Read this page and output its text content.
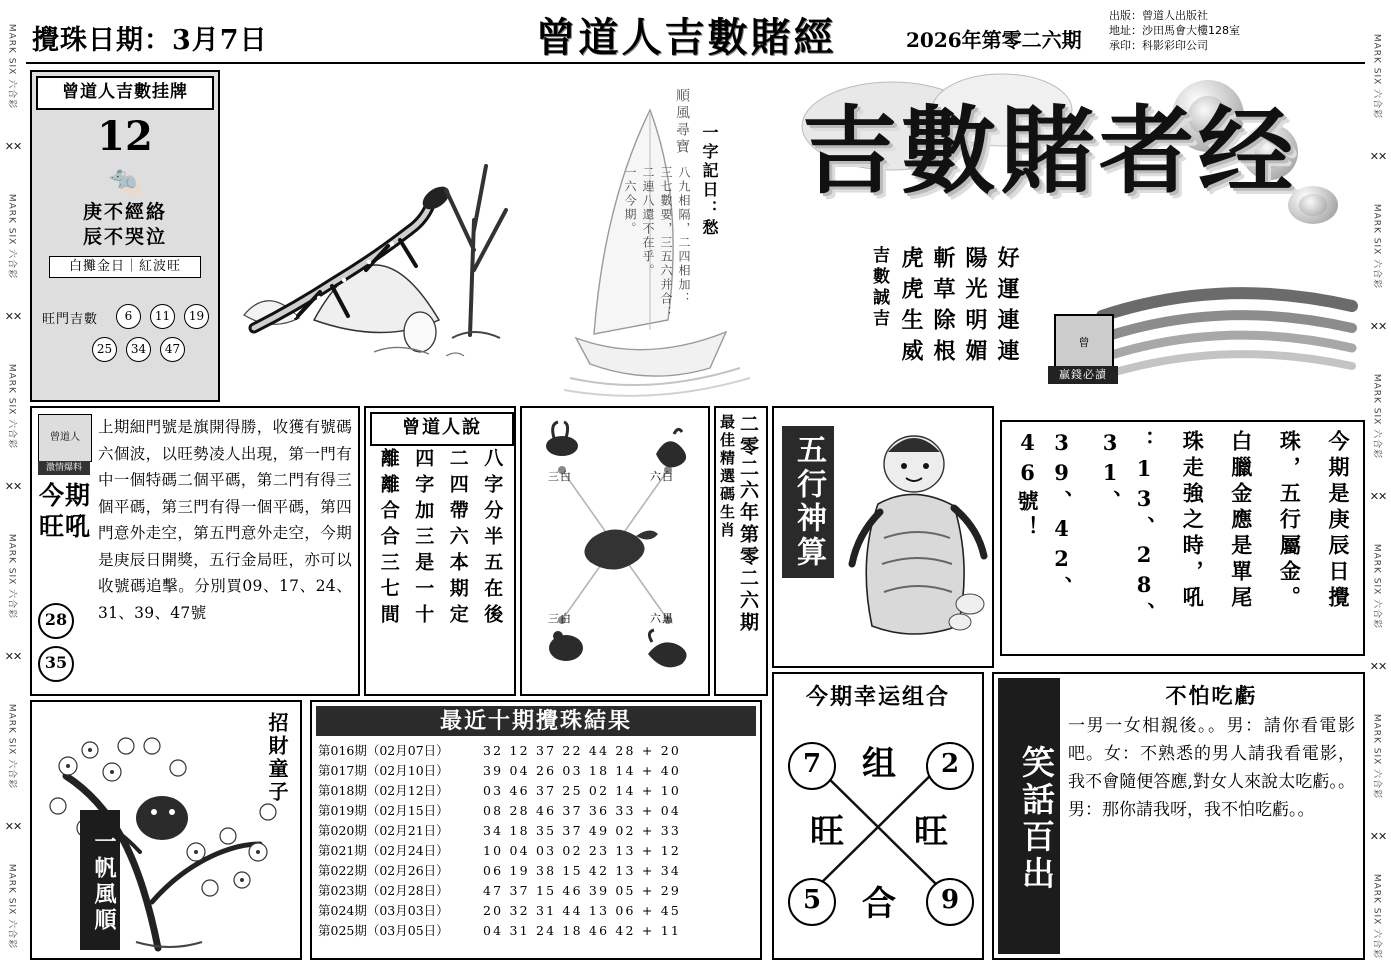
MARK SIX 六合彩
✕✕
MARK SIX 六合彩
✕✕
MARK SIX 六合彩
✕✕
MARK SIX 六合彩
✕✕
MARK SIX 六合彩
✕✕
MARK SIX 六合彩
MARK SIX 六合彩
✕✕
MARK SIX 六合彩
✕✕
MARK SIX 六合彩
✕✕
MARK SIX 六合彩
✕✕
MARK SIX 六合彩
✕✕
MARK SIX 六合彩
攪珠日期：3月7日	曾道人吉數賭經	2026年第零二六期
出版：曾道人出版社
地址：沙田馬會大樓128室
承印：科影彩印公司
曾道人吉數挂牌
12
🐀
庚不經絡
辰不哭泣
白攤金日｜紅波旺
旺門吉數	6	11	19
25	34	47
順風尋寶
一字記日：愁
八九相隔，二四相加：
三七數要，三五六并合：
二連八還不在乎。
一六今期。 吉數賭者经
好運連連
陽光明媚
斬草除根
虎虎生威
吉數誠吉
曾
贏錢必讀
曾道人
激情爆料
今期旺吼
上期細門號是旗開得勝，收獲有號碼六個波，以旺勢凌人出現，第一門有中一個特碼二個平碼，第二門有得三個平碼，第三門有得一個平碼，第四門意外走空，第五門意外走空，今期是庚辰日開獎，五行金局旺，亦可以收號碼追擊。分別買09、17、24、31、39、47號
28
35
曾道人說
八字分半五在後
二四帶六本期定
四字加三是一十
離離合合三七間	三白	六白
三白	六黑	二零二六年第零二六期
最佳精選碼生肖	五行神算	今期是庚辰日攪
珠，五行屬金。
白臘金應是單尾
珠走強之時，吼
：13、28、31、
39、42、46號！
今期幸运组合
7	2
5	9
组
旺 旺
合
笑話百出
不怕吃虧
一男一女相親後。。男：請你看電影吧。女：不熟悉的男人請我看電影，我不會隨便答應,對女人來說太吃虧。。男：那你請我呀，我不怕吃虧。。
最近十期攪珠結果
第016期（02月07日）	32 12 37 22 44 28 + 20
第017期（02月10日）	39 04 26 03 18 14 + 40
第018期（02月12日）	03 46 37 25 02 14 + 10
第019期（02月15日）	08 28 46 37 36 33 + 04
第020期（02月21日）	34 18 35 37 49 02 + 33
第021期（02月24日）	10 04 03 02 23 13 + 12
第022期（02月26日）	06 19 38 15 42 13 + 34
第023期（02月28日）	47 37 15 46 39 05 + 29
第024期（03月03日）	20 32 31 44 13 06 + 45
第025期（03月05日）	04 31 24 18 46 42 + 11
招財童子
一帆風順
